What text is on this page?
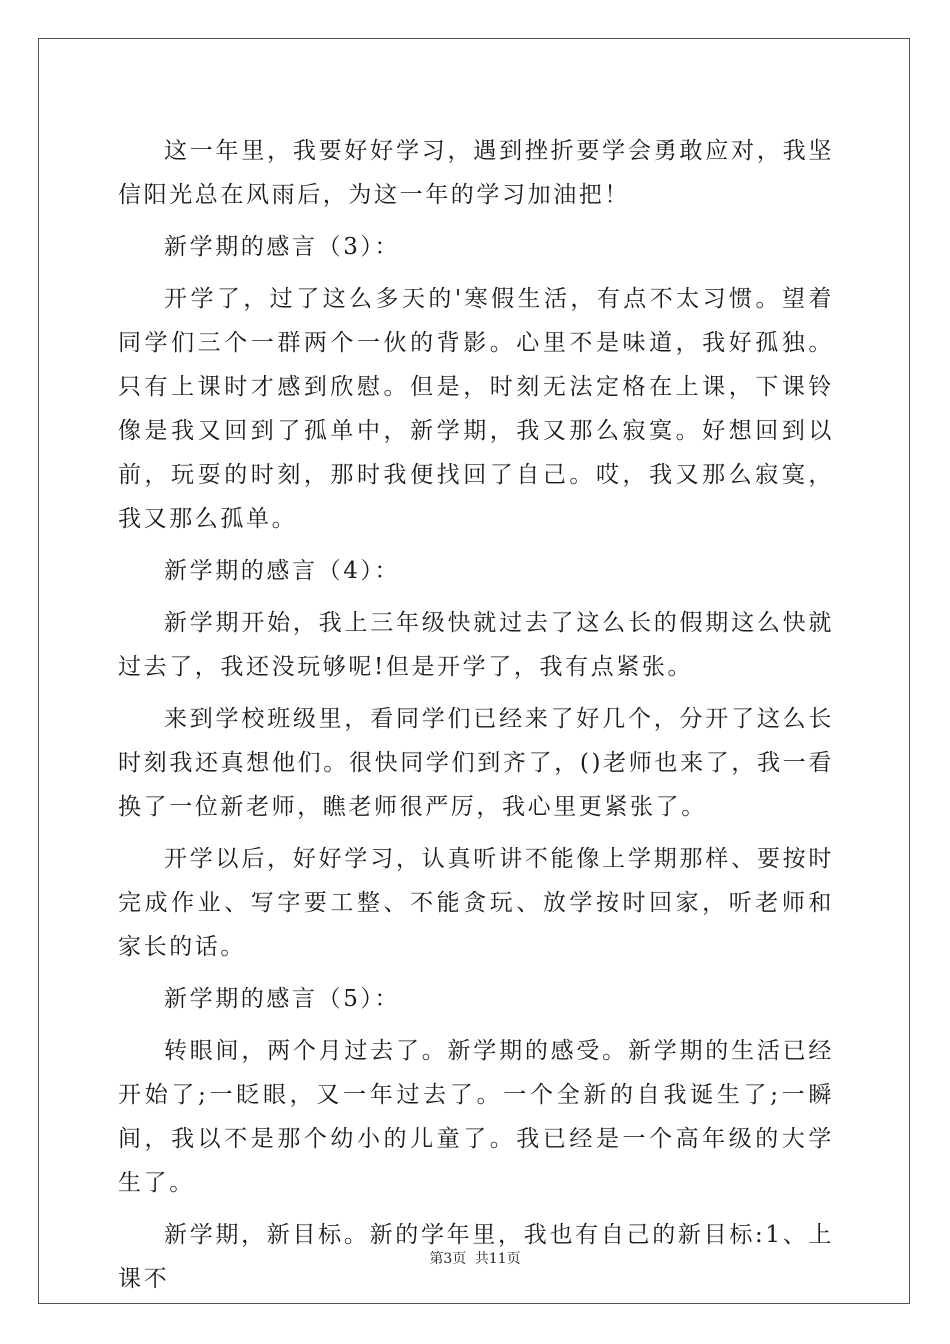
这一年里，我要好好学习，遇到挫折要学会勇敢应对，我坚信阳光总在风雨后，为这一年的学习加油把！

新学期的感言（3）：

开学了，过了这么多天的'寒假生活，有点不太习惯。望着同学们三个一群两个一伙的背影。心里不是味道，我好孤独。只有上课时才感到欣慰。但是，时刻无法定格在上课，下课铃像是我又回到了孤单中，新学期，我又那么寂寞。好想回到以前，玩耍的时刻，那时我便找回了自己。哎，我又那么寂寞，我又那么孤单。

新学期的感言（4）：

新学期开始，我上三年级快就过去了这么长的假期这么快就过去了，我还没玩够呢!但是开学了，我有点紧张。

来到学校班级里，看同学们已经来了好几个，分开了这么长时刻我还真想他们。很快同学们到齐了，()老师也来了，我一看换了一位新老师，瞧老师很严厉，我心里更紧张了。

开学以后，好好学习，认真听讲不能像上学期那样、要按时完成作业、写字要工整、不能贪玩、放学按时回家，听老师和家长的话。

新学期的感言（5）：

转眼间，两个月过去了。新学期的感受。新学期的生活已经开始了;一眨眼，又一年过去了。一个全新的自我诞生了;一瞬间，我以不是那个幼小的儿童了。我已经是一个高年级的大学生了。

新学期，新目标。新的学年里，我也有自己的新目标:1、上课不

第3页 共11页
